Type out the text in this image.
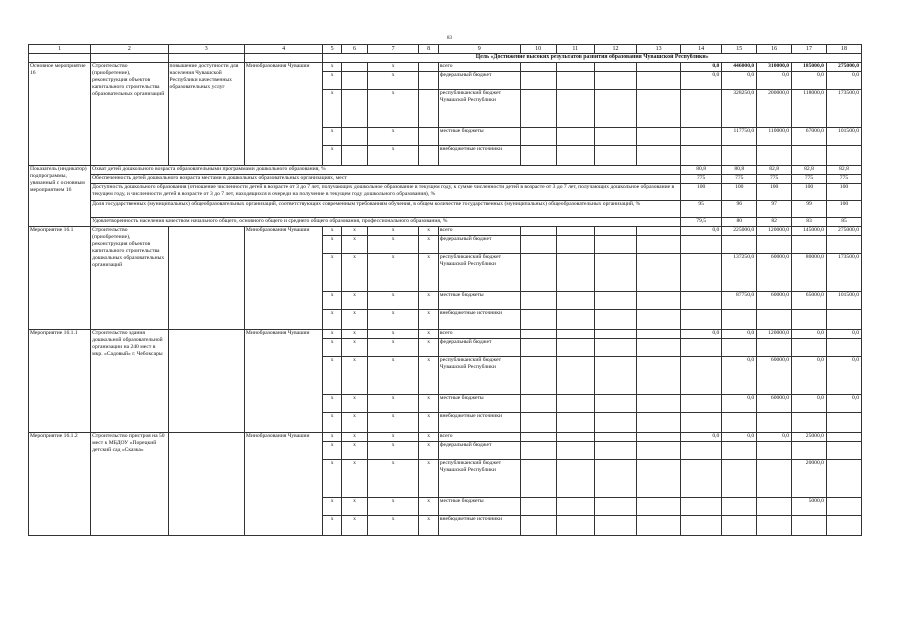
83
1	2	3	4	5	6	7	8	9	10	11	12	13	14	15	16	17	18
				Цель «Достижение высоких результатов развития образования Чувашской Республики»													
Основное мероприятие 16	Строительство (приобретение), реконструкция объектов капитального строительства образовательных организаций	повышение доступности для населения Чувашской Республики качественных образовательных услуг	Минобразования Чувашии	х		х		всего					0,0	446000,0	310000,0	185000,0	275000,0
				х		х		федеральный бюджет					0,0	0,0	0,0	0,0	0,0
				х		х		республиканский бюджет Чувашской Республики						328250,0	200000,0	118000,0	173500,0
				х		х		местные бюджеты						117750,0	110000,0	67000,0	101500,0
				х		х		внебюджетные источники									
Показатель (индикатор) подпрограммы, увязанный с основным мероприятием 16	Охват детей дошкольного возраста образовательными программами дошкольного образования, %												80,8	80,8	82,8	82,8	82,8
	Обеспеченность детей дошкольного возраста местами в дошкольных образовательных организациях, мест												775	775	775	775	775
	Доступность дошкольного образования (отношение численности детей в возрасте от 3 до 7 лет, получающих дошкольное образование в текущем году, к сумме численности детей в возрасте от 3 до 7 лет, получающих дошкольное образование в текущем году, и численности детей в возрасте от 3 до 7 лет, находящихся в очереди на получение в текущем году дошкольного образования), %												100	100	100	100	100
	Доля государственных (муниципальных) общеобразовательных организаций, соответствующих современным требованиям обучения, в общем количестве государственных (муниципальных) общеобразовательных организаций, %												95	96	97	99	100
	Удовлетворенность населения качеством начального общего, основного общего и среднего общего образования, профессионального образования, %												79,5	80	82	83	85
Мероприятие 16.1	Строительство (приобретение), реконструкция объектов капитального строительства дошкольных образовательных организаций		Минобразования Чувашии	х	х	х	х	всего					0,0	225000,0	120000,0	145000,0	275000,0
				х	х	х	х	федеральный бюджет									
				х	х	х	х	республиканский бюджет Чувашской Республики						137250,0	60000,0	80000,0	173500,0
				х	х	х	х	местные бюджеты						87750,0	60000,0	65000,0	101500,0
				х	х	х	х	внебюджетные источники									
Мероприятие 16.1.1	Строительство здания дошкольной образовательной организации на 240 мест в мкр. «Садовый» г. Чебоксары		Минобразования Чувашии	х	х	х	х	всего					0,0	0,0	120000,0	0,0	0,0
				х	х	х	х	федеральный бюджет									
				х	х	х	х	республиканский бюджет Чувашской Республики						0,0	60000,0	0,0	0,0
				х	х	х	х	местные бюджеты						0,0	60000,0	0,0	0,0
				х	х	х	х	внебюджетные источники									
Мероприятие 16.1.2	Строительство пристроя на 50 мест к МБДОУ «Порецкий детский сад «Сказка»		Минобразования Чувашии	х	х	х	х	всего					0,0	0,0	0,0	25000,0	
				х	х	х	х	федеральный бюджет									
				х	х	х	х	республиканский бюджет Чувашской Республики								20000,0	
				х	х	х	х	местные бюджеты								5000,0	
				х	х	х	х	внебюджетные источники									
